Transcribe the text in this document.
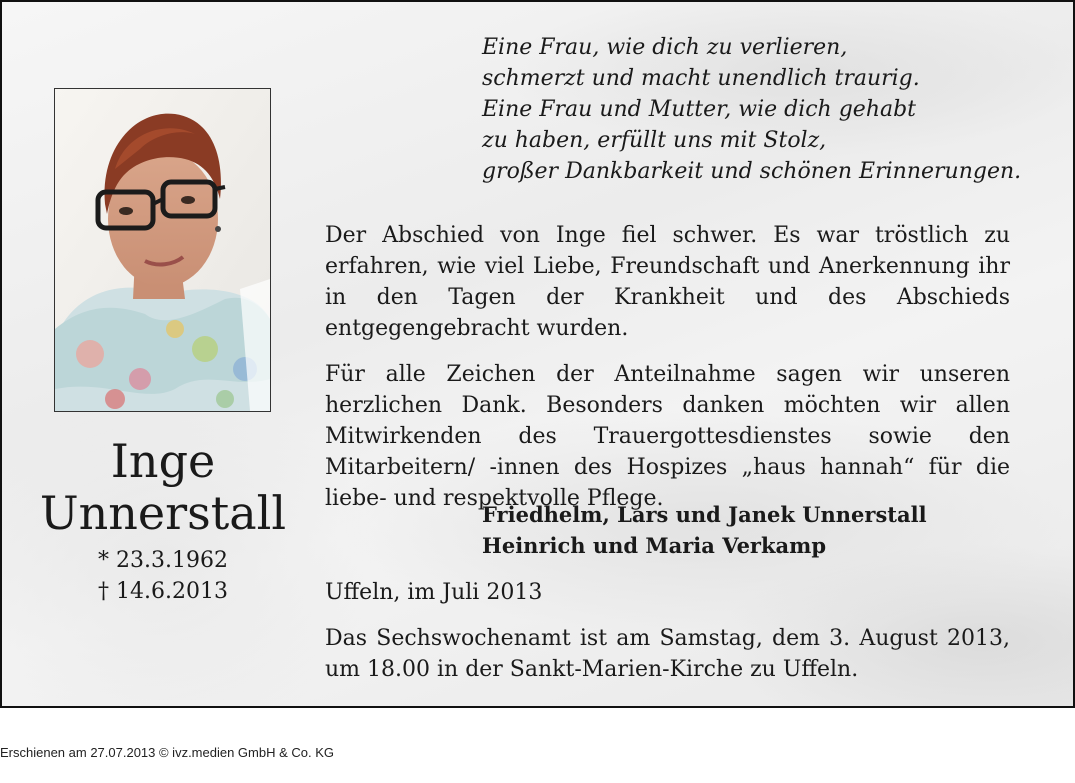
Inge
Unnerstall
* 23.3.1962
† 14.6.2013
Eine Frau, wie dich zu verlieren,
schmerzt und macht unendlich traurig.
Eine Frau und Mutter, wie dich gehabt
zu haben, erfüllt uns mit Stolz,
großer Dankbarkeit und schönen Erinnerungen.
Der Abschied von Inge fiel schwer. Es war tröstlich zu erfahren, wie viel Liebe, Freundschaft und Anerkennung ihr in den Tagen der Krankheit und des Abschieds entgegengebracht wurden.
Für alle Zeichen der Anteilnahme sagen wir unseren herzlichen Dank. Besonders danken möchten wir allen Mitwirkenden des Trauergottesdienstes sowie den Mitarbeitern/ -innen des Hospizes „haus hannah“ für die liebe- und respektvolle Pflege.
Friedhelm, Lars und Janek Unnerstall
Heinrich und Maria Verkamp
Uffeln, im Juli 2013
Das Sechswochenamt ist am Samstag, dem 3. August 2013, um 18.00 in der Sankt-Marien-Kirche zu Uffeln.
Erschienen am 27.07.2013 © ivz.medien GmbH & Co. KG
